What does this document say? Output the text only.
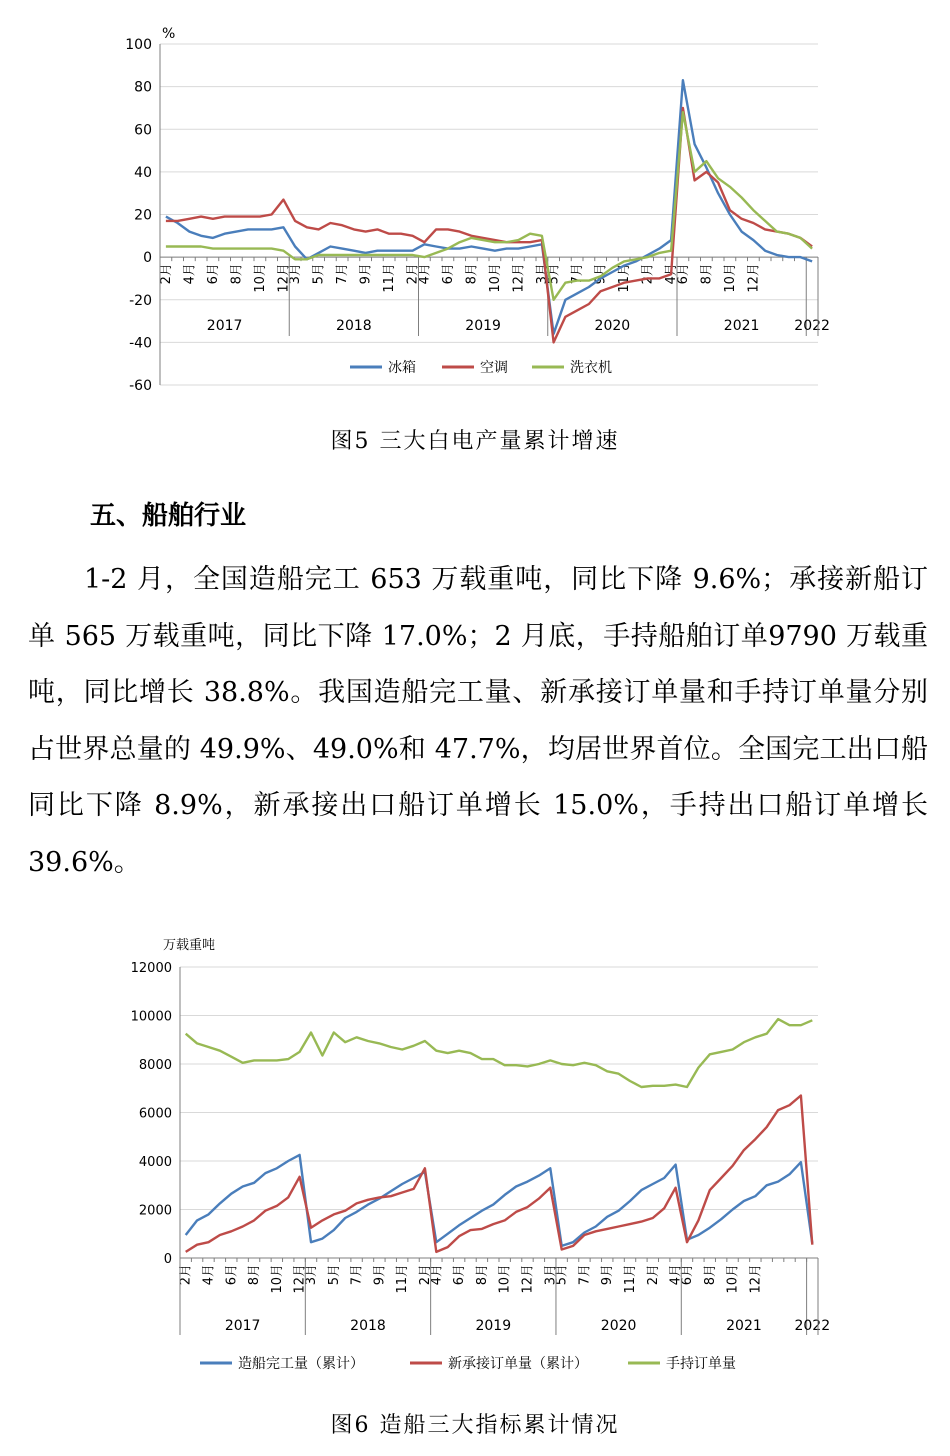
100
80
60
40
20
0
-20
-40
-60
%
2月 4月 6月 8月 10月 12月
3月 5月 7月 9月 11月 2月
4月 6月 8月 10月 12月 3月
5月 7月 9月 11月 2月 4月
6月 8月 10月 12月
2017	2018	2019	2020	2021 2022
冰箱	空调	洗衣机
图5 三大白电产量累计增速
五、船舶行业

1-2 月，全国造船完工 653 万载重吨，同比下降 9.6%；承接新船订单 565 万载重吨，同比下降 17.0%；2 月底，手持船舶订单9790 万载重吨，同比增长 38.8%。我国造船完工量、新承接订单量和手持订单量分别占世界总量的 49.9%、49.0%和 47.7%，均居世界首位。全国完工出口船同比下降 8.9%，新承接出口船订单增长 15.0%，手持出口船订单增长 39.6%。

12000
10000
8000
6000
4000
2000
0
万载重吨
2月 4月 6月 8月 10月 12月
3月 5月 7月 9月 11月 2月
4月 6月 8月 10月 12月 3月
5月 7月 9月 11月 2月 4月
6月 8月 10月 12月
2017	2018	2019	2020	2021 2022
造船完工量（累计）	新承接订单量（累计）	手持订单量
图6 造船三大指标累计情况
